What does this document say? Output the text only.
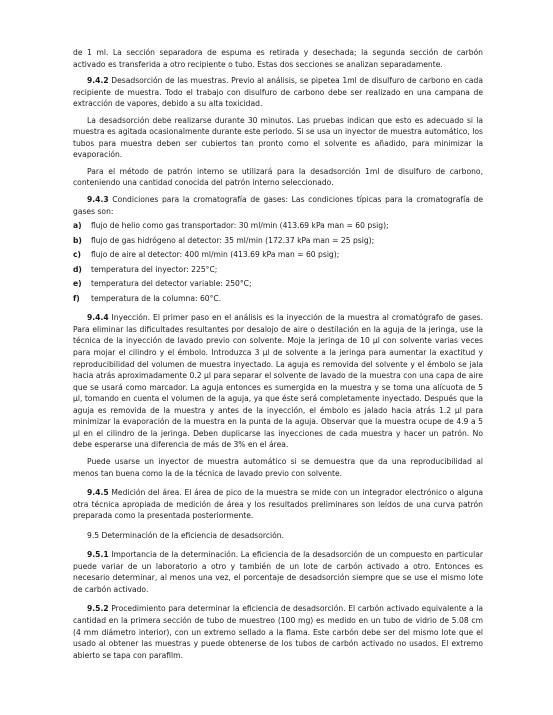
de 1 ml. La sección separadora de espuma es retirada y desechada; la segunda sección de carbón activado es transferida a otro recipiente o tubo. Estas dos secciones se analizan separadamente.

9.4.2 Desadsorción de las muestras. Previo al análisis, se pipetea 1ml de disulfuro de carbono en cada recipiente de muestra. Todo el trabajo con disulfuro de carbono debe ser realizado en una campana de extracción de vapores, debido a su alta toxicidad.

La desadsorción debe realizarse durante 30 minutos. Las pruebas indican que esto es adecuado si la muestra es agitada ocasionalmente durante este periodo. Si se usa un inyector de muestra automático, los tubos para muestra deben ser cubiertos tan pronto como el solvente es añadido, para minimizar la evaporación.

Para el método de patrón interno se utilizará para la desadsorción 1ml de disulfuro de carbono, conteniendo una cantidad conocida del patrón interno seleccionado.

9.4.3 Condiciones para la cromatografía de gases: Las condiciones típicas para la cromatografía de gases son:

a)	flujo de helio como gas transportador: 30 ml/min (413.69 kPa man = 60 psig);
b)	flujo de gas hidrógeno al detector: 35 ml/min (172.37 kPa man = 25 psig);
c)	flujo de aire al detector: 400 ml/min (413.69 kPa man = 60 psig);
d)	temperatura del inyector: 225°C;
e)	temperatura del detector variable: 250°C;
f)	temperatura de la columna: 60°C.

9.4.4 Inyección. El primer paso en el análisis es la inyección de la muestra al cromatógrafo de gases. Para eliminar las dificultades resultantes por desalojo de aire o destilación en la aguja de la jeringa, use la técnica de la inyección de lavado previo con solvente. Moje la jeringa de 10 µl con solvente varias veces para mojar el cilindro y el émbolo. Introduzca 3 µl de solvente a la jeringa para aumentar la exactitud y reproducibilidad del volumen de muestra inyectado. La aguja es removida del solvente y el émbolo se jala hacia atrás aproximadamente 0.2 µl para separar el solvente de lavado de la muestra con una capa de aire que se usará como marcador. La aguja entonces es sumergida en la muestra y se toma una alícuota de 5 µl, tomando en cuenta el volumen de la aguja, ya que éste será completamente inyectado. Después que la aguja es removida de la muestra y antes de la inyección, el émbolo es jalado hacia atrás 1.2 µl para minimizar la evaporación de la muestra en la punta de la aguja. Observar que la muestra ocupe de 4.9 a 5 µl en el cilindro de la jeringa. Deben duplicarse las inyecciones de cada muestra y hacer un patrón. No debe esperarse una diferencia de más de 3% en el área.

Puede usarse un inyector de muestra automático si se demuestra que da una reproducibilidad al menos tan buena como la de la técnica de lavado previo con solvente.

9.4.5 Medición del área. El área de pico de la muestra se mide con un integrador electrónico o alguna otra técnica apropiada de medición de área y los resultados preliminares son leídos de una curva patrón preparada como la presentada posteriormente.

9.5 Determinación de la eficiencia de desadsorción.

9.5.1 Importancia de la determinación. La eficiencia de la desadsorción de un compuesto en particular puede variar de un laboratorio a otro y también de un lote de carbón activado a otro. Entonces es necesario determinar, al menos una vez, el porcentaje de desadsorción siempre que se use el mismo lote de carbón activado.

9.5.2 Procedimiento para determinar la eficiencia de desadsorción. El carbón activado equivalente a la cantidad en la primera sección de tubo de muestreo (100 mg) es medido en un tubo de vidrio de 5.08 cm (4 mm diámetro interior), con un extremo sellado a la flama. Este carbón debe ser del mismo lote que el usado al obtener las muestras y puede obtenerse de los tubos de carbón activado no usados. El extremo abierto se tapa con parafilm.
